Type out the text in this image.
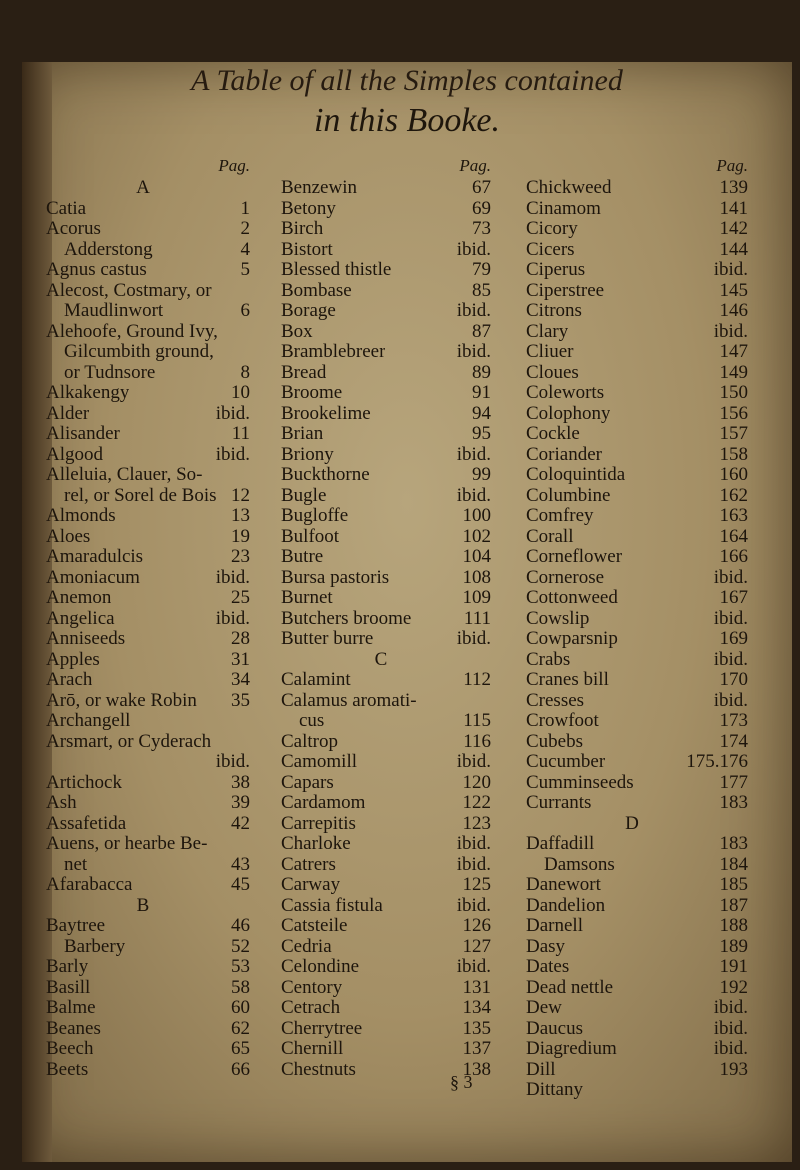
A Table of all the Simples contained
in this Booke.
Pag.
A
Catia	1
Acorus	2
Adderstong	4
Agnus castus	5
Alecost, Costmary, or
Maudlinwort	6
Alehoofe, Ground Ivy,
Gilcumbith ground,
or Tudnsore	8
Alkakengy	10
Alder	ibid.
Alisander	11
Algood	ibid.
Alleluia, Clauer, So-
rel, or Sorel de Bois 12
Almonds	13
Aloes	19
Amaradulcis	23
Amoniacum	ibid.
Anemon	25
Angelica	ibid.
Anniseeds	28
Apples	31
Arach	34
Arō, or wake Robin	35
Archangell
Arsmart, or Cyderach
ibid.
Artichock	38
Ash	39
Assafetida	42
Auens, or hearbe Be-
net	43
Afarabacca	45
B
Baytree	46
Barbery	52
Barly	53
Basill	58
Balme	60
Beanes	62
Beech	65
Beets	66
Pag.
Benzewin	67
Betony	69
Birch	73
Bistort	ibid.
Blessed thistle	79
Bombase	85
Borage	ibid.
Box	87
Bramblebreer	ibid.
Bread	89
Broome	91
Brookelime	94
Brian	95
Briony	ibid.
Buckthorne	99
Bugle	ibid.
Bugloffe	100
Bulfoot	102
Butre	104
Bursa pastoris	108
Burnet	109
Butchers broome	111
Butter burre	ibid.
C
Calamint	112
Calamus aromati-
cus	115
Caltrop	116
Camomill	ibid.
Capars	120
Cardamom	122
Carrepitis	123
Charloke	ibid.
Catrers	ibid.
Carway	125
Cassia fistula	ibid.
Catsteile	126
Cedria	127
Celondine	ibid.
Centory	131
Cetrach	134
Cherrytree	135
Chernill	137
Chestnuts	138
Pag.
Chickweed	139
Cinamom	141
Cicory	142
Cicers	144
Ciperus	ibid.
Ciperstree	145
Citrons	146
Clary	ibid.
Cliuer	147
Cloues	149
Coleworts	150
Colophony	156
Cockle	157
Coriander	158
Coloquintida	160
Columbine	162
Comfrey	163
Corall	164
Corneflower	166
Cornerose	ibid.
Cottonweed	167
Cowslip	ibid.
Cowparsnip	169
Crabs	ibid.
Cranes bill	170
Cresses	ibid.
Crowfoot	173
Cubebs	174
Cucumber	175.176
Cumminseeds	177
Currants	183
D
Daffadill	183
Damsons	184
Danewort	185
Dandelion	187
Darnell	188
Dasy	189
Dates	191
Dead nettle	192
Dew	ibid.
Daucus	ibid.
Diagredium	ibid.
Dill	193
Dittany
§ 3
